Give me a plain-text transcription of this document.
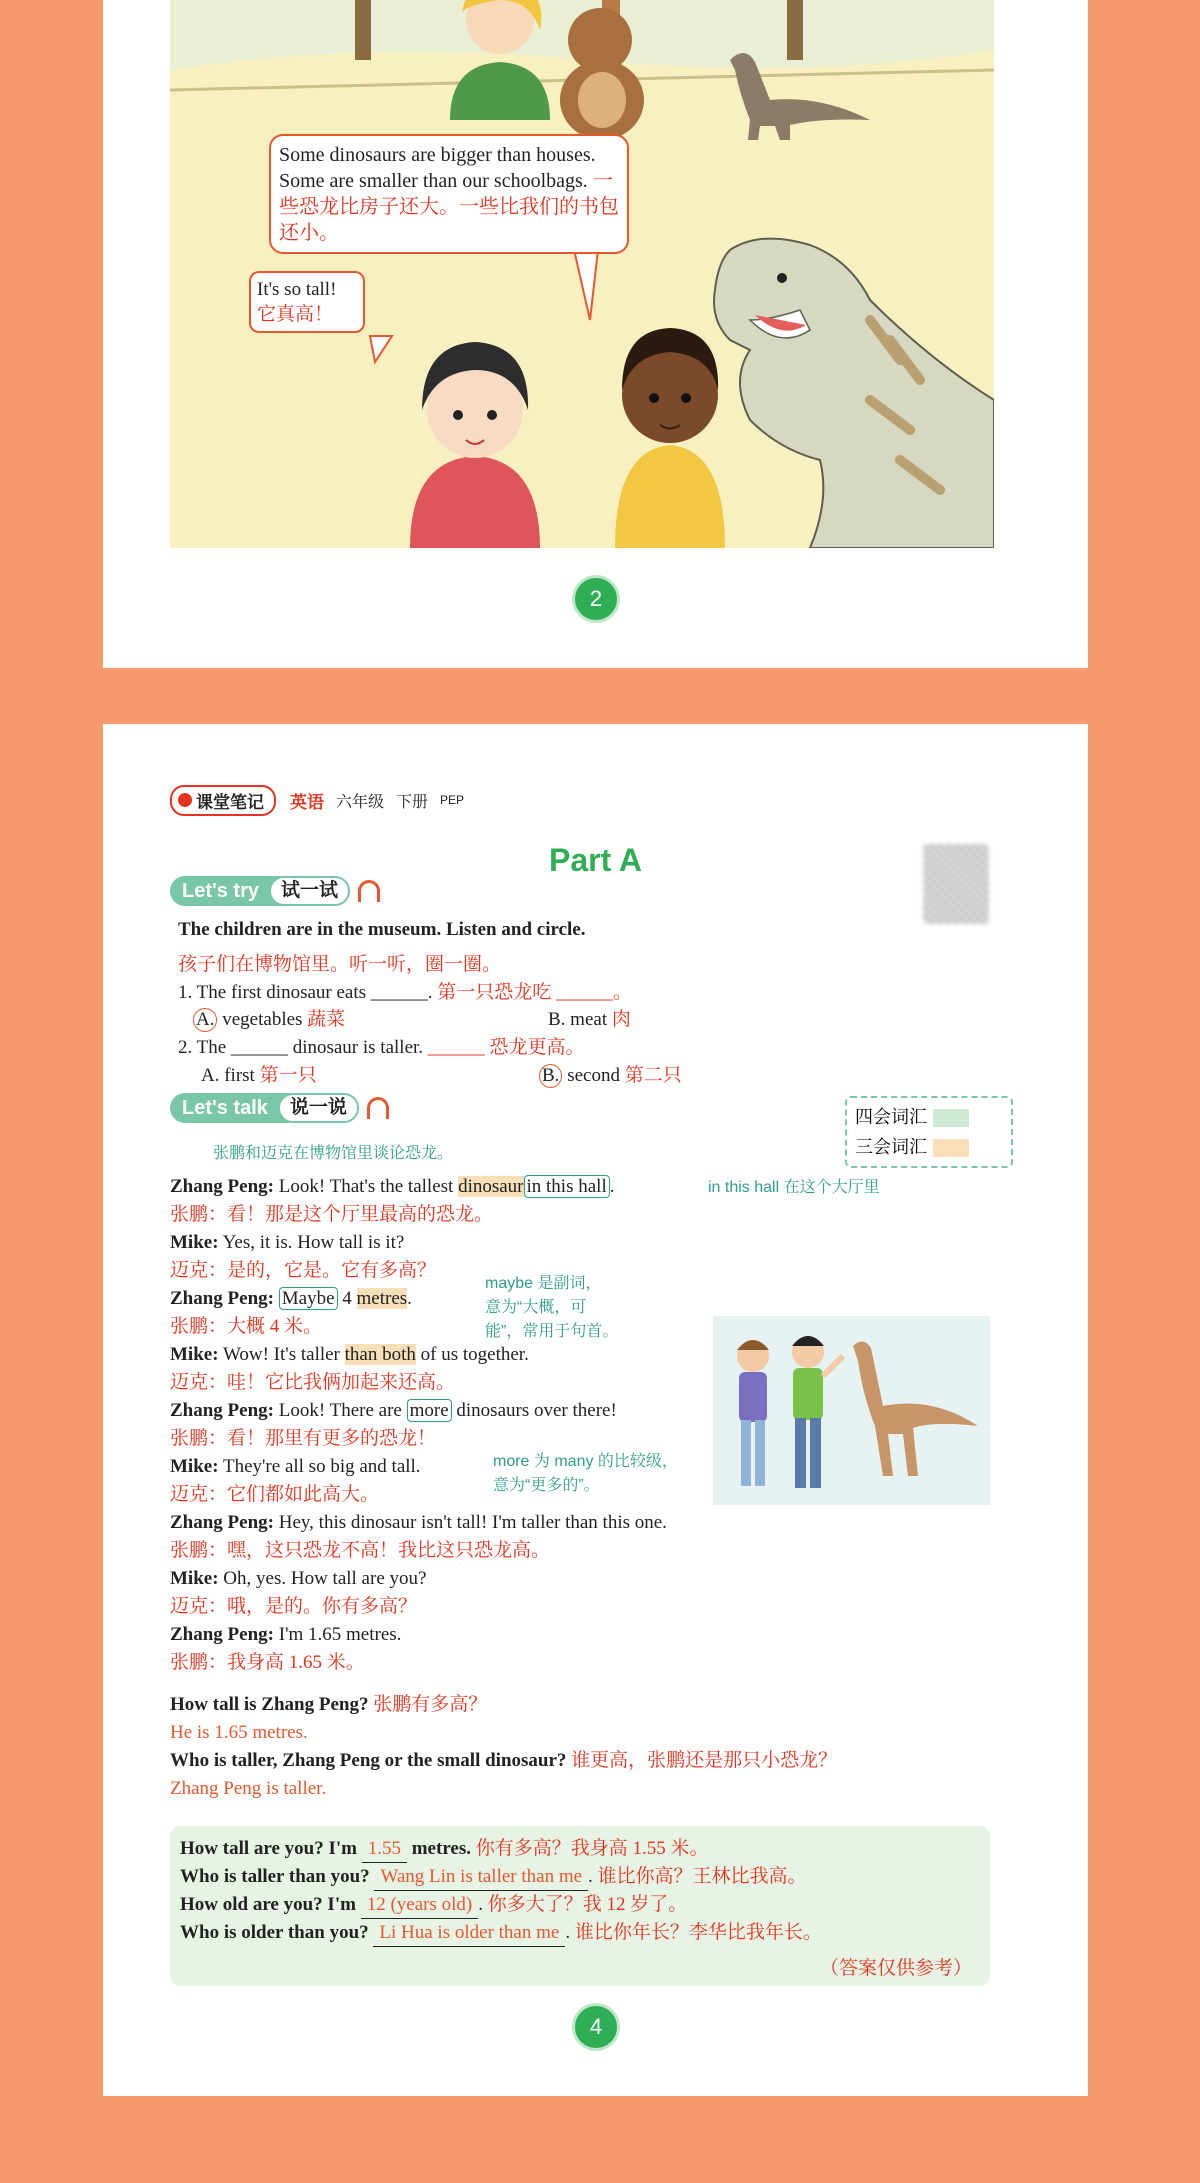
Some dinosaurs are bigger than houses. Some are smaller than our schoolbags. 一些恐龙比房子还大。一些比我们的书包还小。
It's so tall!
它真高！
2
课堂笔记 英语 六年级 下册 PEP
Part A
Let's try	试一试
The children are in the museum. Listen and circle.
孩子们在博物馆里。听一听，圈一圈。
1. The first dinosaur eats ______. 第一只恐龙吃 ______。
A. vegetables 蔬菜	B. meat 肉
2. The ______ dinosaur is taller. ______ 恐龙更高。
A. first 第一只	B. second 第二只
Let's talk	说一说	四会词汇
三会词汇
张鹏和迈克在博物馆里谈论恐龙。
Zhang Peng: Look! That's the tallest dinosaur in this hall .	in this hall 在这个大厅里
张鹏：看！那是这个厅里最高的恐龙。
Mike: Yes, it is. How tall is it?
迈克：是的，它是。它有多高？
Zhang Peng: Maybe 4 metres.
maybe 是副词，
意为“大概，可
能”，常用于句首。
张鹏：大概 4 米。
Mike: Wow! It's taller than both of us together.
迈克：哇！它比我俩加起来还高。
Zhang Peng: Look! There are more dinosaurs over there!
张鹏：看！那里有更多的恐龙！
Mike: They're all so big and tall.	more 为 many 的比较级，
意为“更多的”。
迈克：它们都如此高大。
Zhang Peng: Hey, this dinosaur isn't tall! I'm taller than this one.
张鹏：嘿，这只恐龙不高！我比这只恐龙高。
Mike: Oh, yes. How tall are you?
迈克：哦，是的。你有多高？
Zhang Peng: I'm 1.65 metres.
张鹏：我身高 1.65 米。
How tall is Zhang Peng? 张鹏有多高？
He is 1.65 metres.
Who is taller, Zhang Peng or the small dinosaur? 谁更高，张鹏还是那只小恐龙？
Zhang Peng is taller.
How tall are you? I'm 1.55 metres. 你有多高？我身高 1.55 米。
Who is taller than you? Wang Lin is taller than me . 谁比你高？王林比我高。
How old are you? I'm 12 (years old) . 你多大了？我 12 岁了。
Who is older than you? Li Hua is older than me . 谁比你年长？李华比我年长。
（答案仅供参考）
4
